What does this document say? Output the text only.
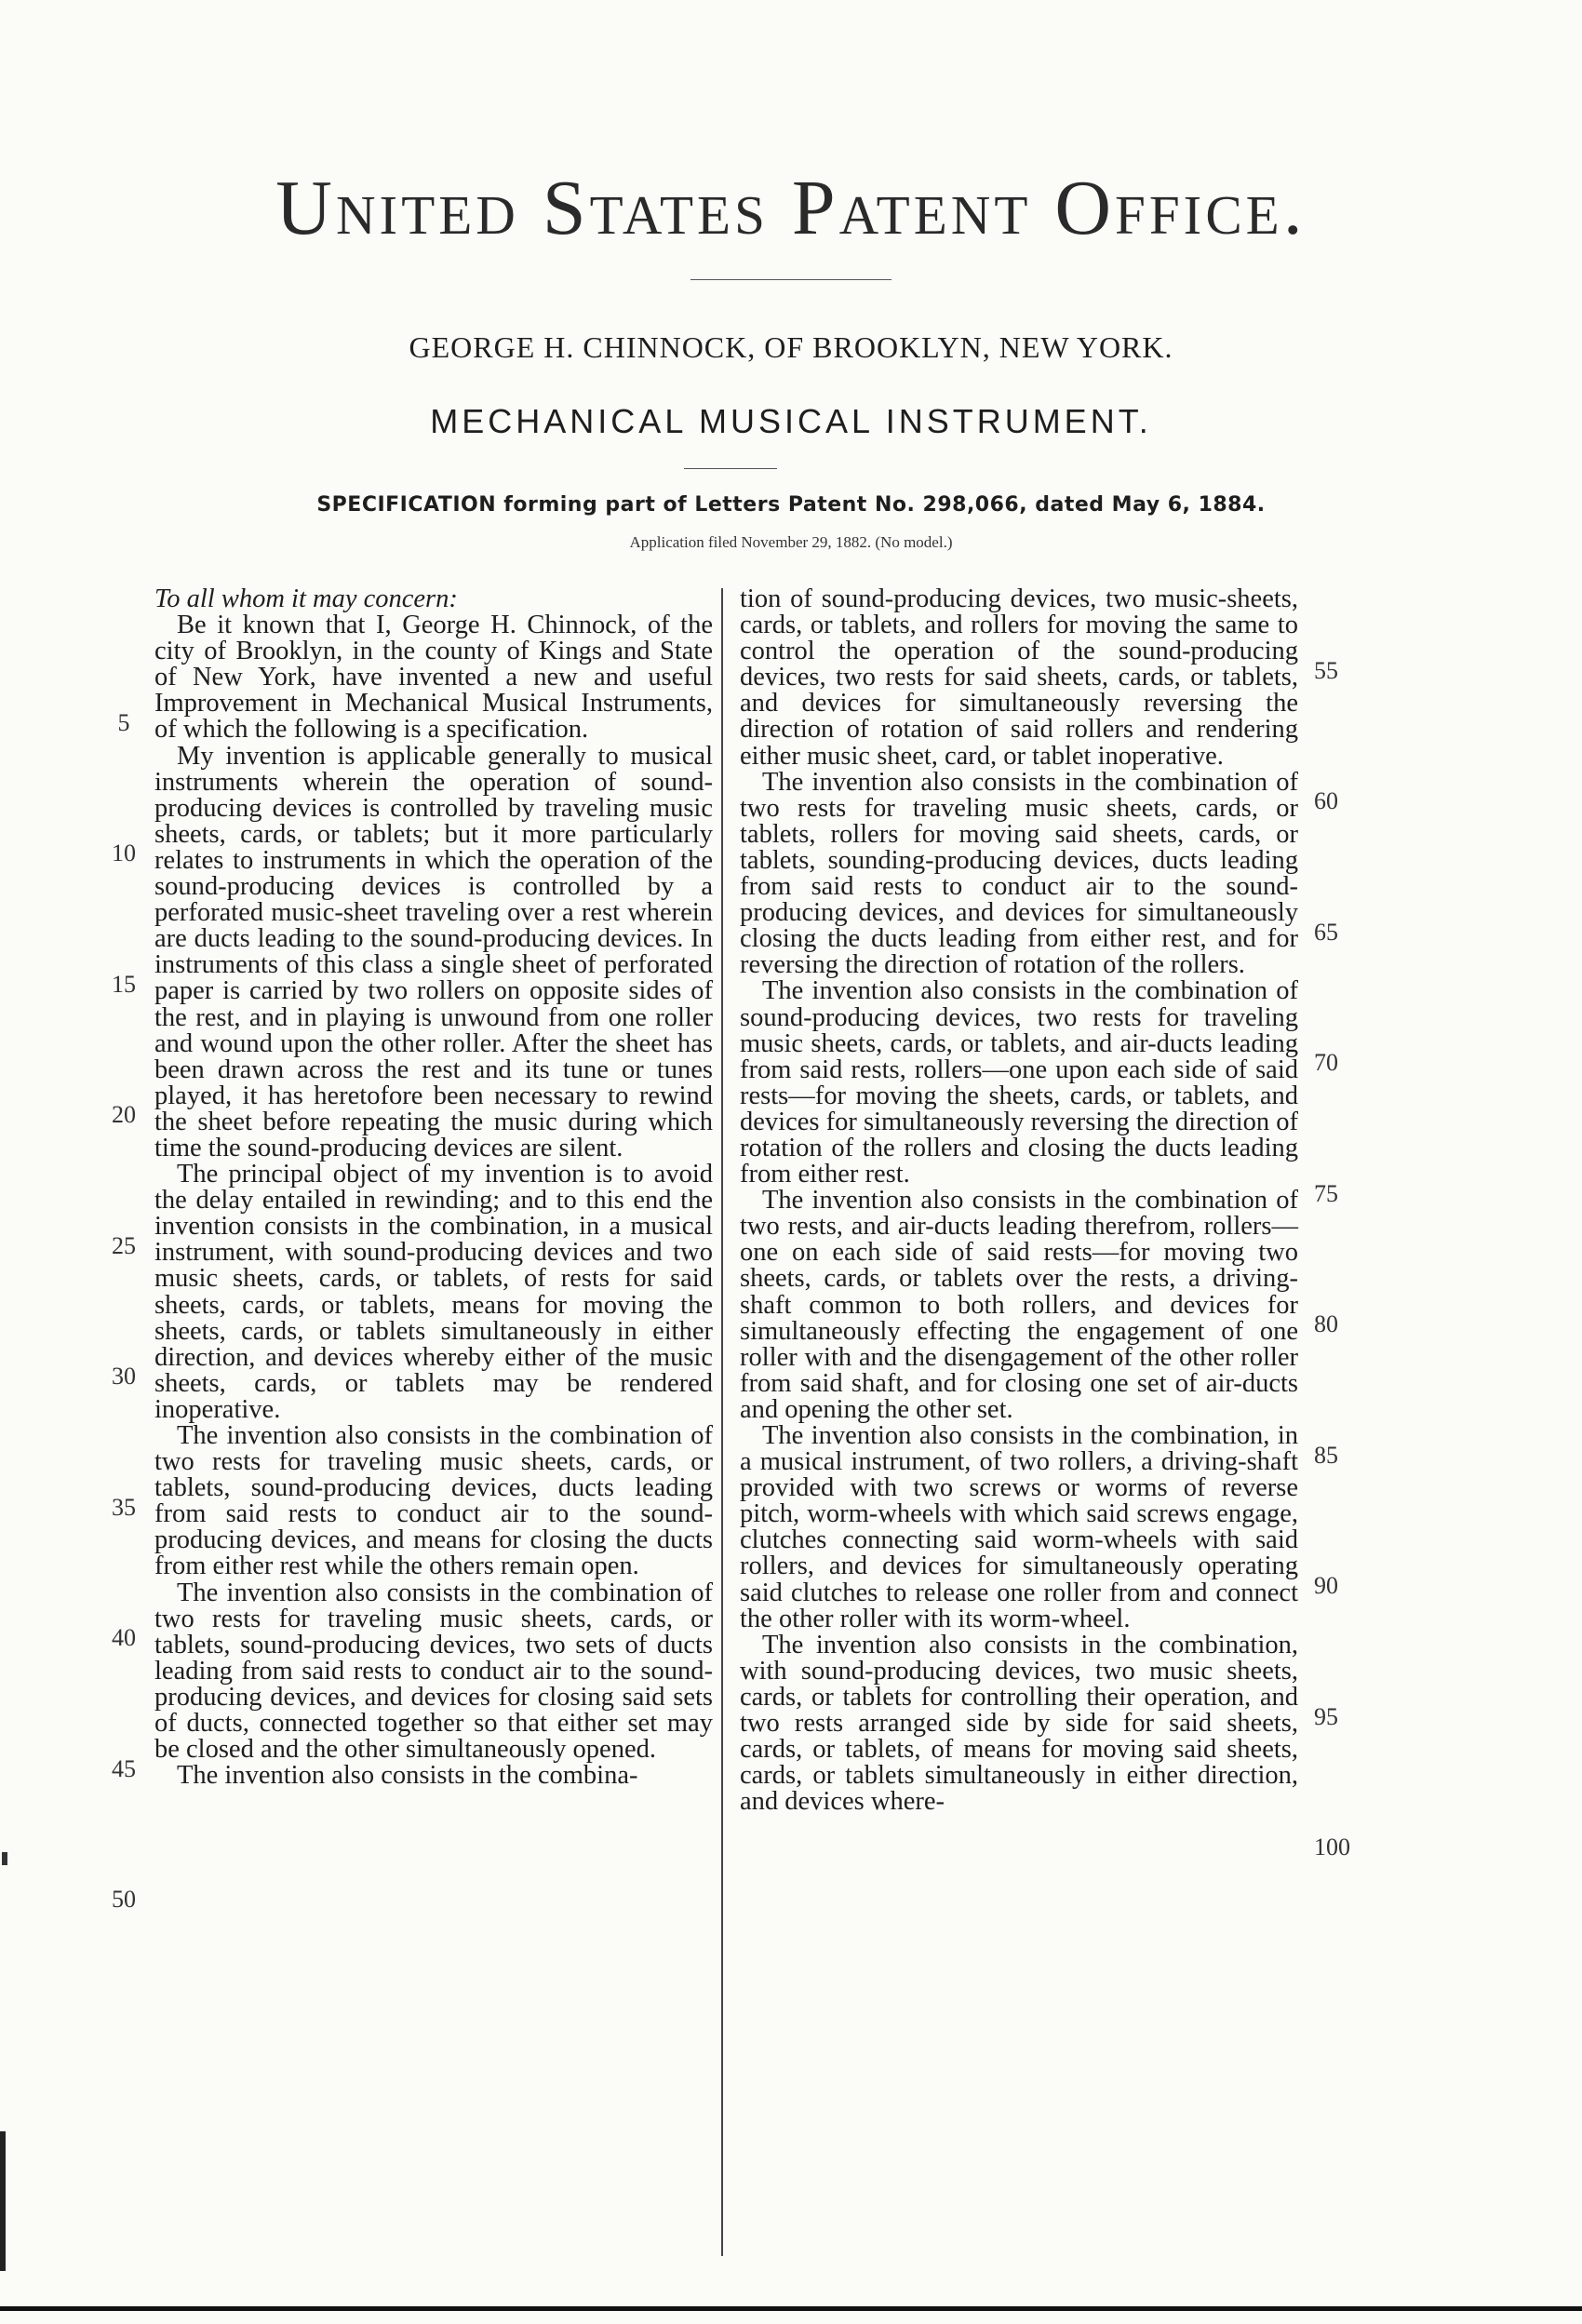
United States Patent Office.
GEORGE H. CHINNOCK, OF BROOKLYN, NEW YORK.
MECHANICAL MUSICAL INSTRUMENT.
SPECIFICATION forming part of Letters Patent No. 298,066, dated May 6, 1884.
Application filed November 29, 1882. (No model.)

To all whom it may concern:

Be it known that I, George H. Chinnock, of the city of Brooklyn, in the county of Kings and State of New York, have invented a new and useful Improvement in Mechanical Musical Instruments, of which the following is a specification.

My invention is applicable generally to musical instruments wherein the operation of sound-producing devices is controlled by traveling music sheets, cards, or tablets; but it more particularly relates to instruments in which the operation of the sound-producing devices is controlled by a perforated music-sheet traveling over a rest wherein are ducts leading to the sound-producing devices. In instruments of this class a single sheet of perforated paper is carried by two rollers on opposite sides of the rest, and in playing is unwound from one roller and wound upon the other roller. After the sheet has been drawn across the rest and its tune or tunes played, it has heretofore been necessary to rewind the sheet before repeating the music during which time the sound-producing devices are silent.

The principal object of my invention is to avoid the delay entailed in rewinding; and to this end the invention consists in the combination, in a musical instrument, with sound-producing devices and two music sheets, cards, or tablets, of rests for said sheets, cards, or tablets, means for moving the sheets, cards, or tablets simultaneously in either direction, and devices whereby either of the music sheets, cards, or tablets may be rendered inoperative.

The invention also consists in the combination of two rests for traveling music sheets, cards, or tablets, sound-producing devices, ducts leading from said rests to conduct air to the sound-producing devices, and means for closing the ducts from either rest while the others remain open.

The invention also consists in the combination of two rests for traveling music sheets, cards, or tablets, sound-producing devices, two sets of ducts leading from said rests to conduct air to the sound-producing devices, and devices for closing said sets of ducts, connected together so that either set may be closed and the other simultaneously opened.

The invention also consists in the combina-

tion of sound-producing devices, two music-sheets, cards, or tablets, and rollers for moving the same to control the operation of the sound-producing devices, two rests for said sheets, cards, or tablets, and devices for simultaneously reversing the direction of rotation of said rollers and rendering either music sheet, card, or tablet inoperative.

The invention also consists in the combination of two rests for traveling music sheets, cards, or tablets, rollers for moving said sheets, cards, or tablets, sounding-producing devices, ducts leading from said rests to conduct air to the sound-producing devices, and devices for simultaneously closing the ducts leading from either rest, and for reversing the direction of rotation of the rollers.

The invention also consists in the combination of sound-producing devices, two rests for traveling music sheets, cards, or tablets, and air-ducts leading from said rests, rollers—one upon each side of said rests—for moving the sheets, cards, or tablets, and devices for simultaneously reversing the direction of rotation of the rollers and closing the ducts leading from either rest.

The invention also consists in the combination of two rests, and air-ducts leading therefrom, rollers—one on each side of said rests—for moving two sheets, cards, or tablets over the rests, a driving-shaft common to both rollers, and devices for simultaneously effecting the engagement of one roller with and the disengagement of the other roller from said shaft, and for closing one set of air-ducts and opening the other set.

The invention also consists in the combination, in a musical instrument, of two rollers, a driving-shaft provided with two screws or worms of reverse pitch, worm-wheels with which said screws engage, clutches connecting said worm-wheels with said rollers, and devices for simultaneously operating said clutches to release one roller from and connect the other roller with its worm-wheel.

The invention also consists in the combination, with sound-producing devices, two music sheets, cards, or tablets for controlling their operation, and two rests arranged side by side for said sheets, cards, or tablets, of means for moving said sheets, cards, or tablets simultaneously in either direction, and devices where-

5
10
15
20
25
30
35
40
45
50
55
60
65
70
75
80
85
90
95
100
